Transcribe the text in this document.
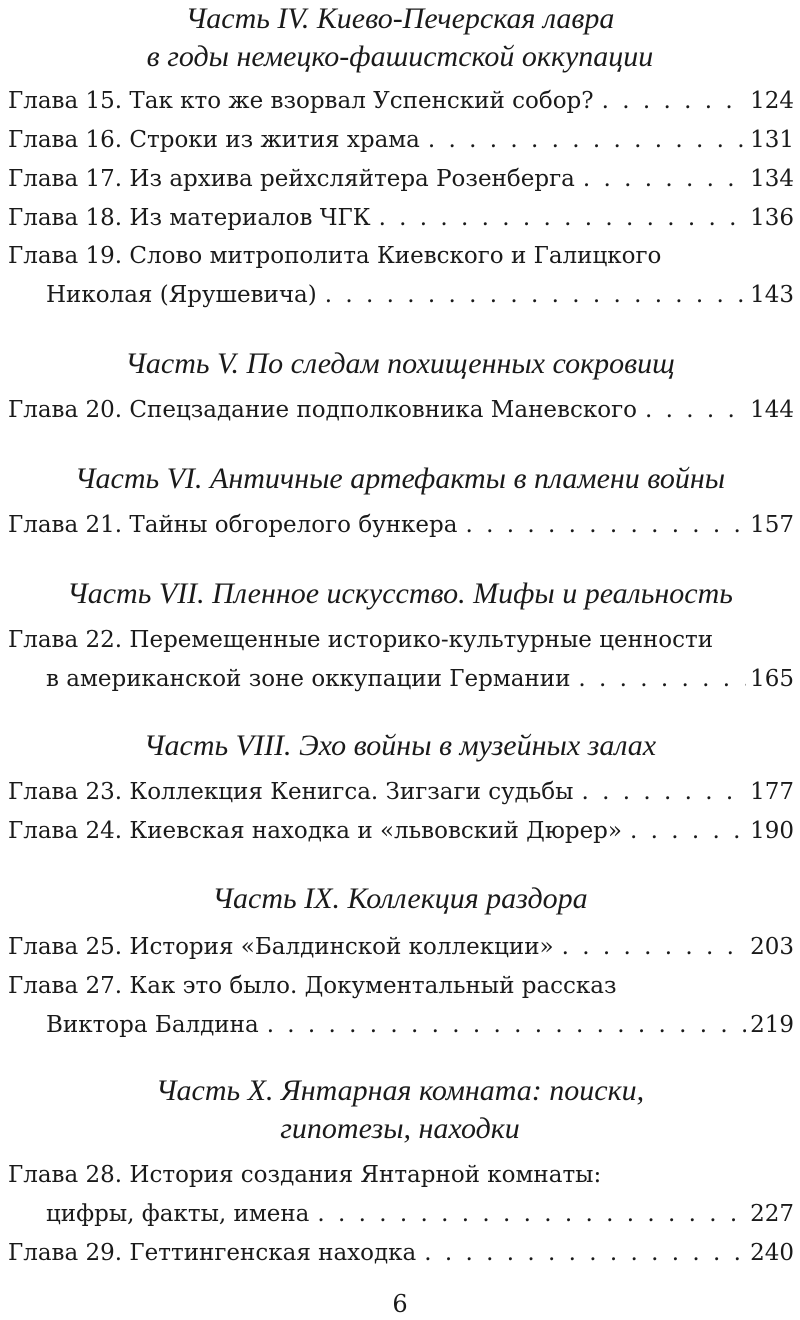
Часть IV. Киево-Печерская лавра
в годы немецко-фашистской оккупации
Часть V. По следам похищенных сокровищ
Часть VI. Античные артефакты в пламени войны
Часть VII. Пленное искусство. Мифы и реальность
Часть VIII. Эхо войны в музейных залах
Часть IX. Коллекция раздора
Часть X. Янтарная комната: поиски,
гипотезы, находки
Глава 15. Так кто же взорвал Успенский собор? . . .	124
Глава 16. Строки из жития храма . . .	131
Глава 17. Из архива рейхсляйтера Розенберга . . .	134
Глава 18. Из материалов ЧГК . . .	136
Глава 19. Слово митрополита Киевского и Галицкого
Николая (Ярушевича) . . .	143
Глава 20. Спецзадание подполковника Маневского . . .	144
Глава 21. Тайны обгорелого бункера . . .	157
Глава 22. Перемещенные историко-культурные ценности
в американской зоне оккупации Германии . . .	165
Глава 23. Коллекция Кенигса. Зигзаги судьбы . . .	177
Глава 24. Киевская находка и «львовский Дюрер» . . .	190
Глава 25. История «Балдинской коллекции» . . .	203
Глава 27. Как это было. Документальный рассказ
Виктора Балдина . . .	219
Глава 28. История создания Янтарной комнаты:
цифры, факты, имена . . .	227
Глава 29. Геттингенская находка . . .	240
6
